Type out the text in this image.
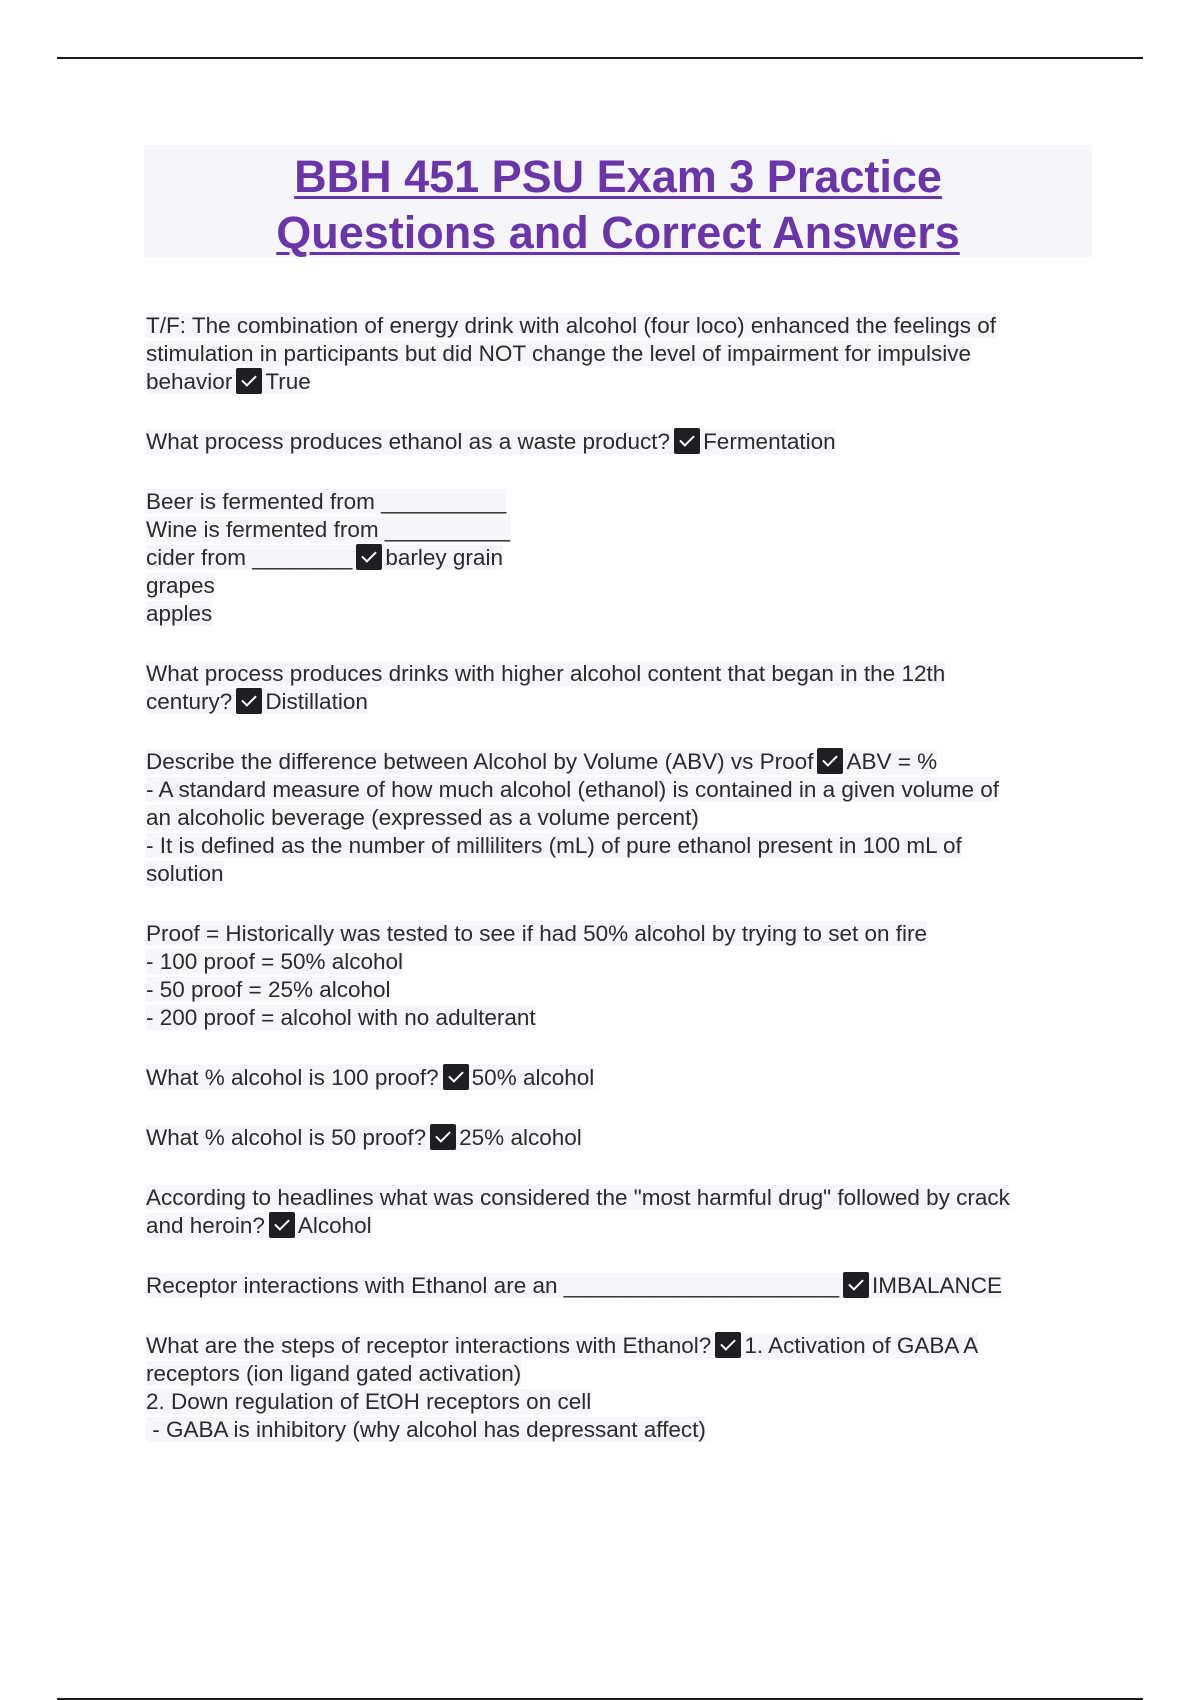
BBH 451 PSU Exam 3 Practice
Questions and Correct Answers
T/F: The combination of energy drink with alcohol (four loco) enhanced the feelings of
stimulation in participants but did NOT change the level of impairment for impulsive
behavior True
What process produces ethanol as a waste product? Fermentation
Beer is fermented from __________
Wine is fermented from __________
cider from ________ barley grain
grapes
apples
What process produces drinks with higher alcohol content that began in the 12th
century? Distillation
Describe the difference between Alcohol by Volume (ABV) vs Proof ABV = %
- A standard measure of how much alcohol (ethanol) is contained in a given volume of
an alcoholic beverage (expressed as a volume percent)
- It is defined as the number of milliliters (mL) of pure ethanol present in 100 mL of
solution
Proof = Historically was tested to see if had 50% alcohol by trying to set on fire
- 100 proof = 50% alcohol
- 50 proof = 25% alcohol
- 200 proof = alcohol with no adulterant
What % alcohol is 100 proof? 50% alcohol
What % alcohol is 50 proof? 25% alcohol
According to headlines what was considered the "most harmful drug" followed by crack
and heroin? Alcohol
Receptor interactions with Ethanol are an ______________________ IMBALANCE
What are the steps of receptor interactions with Ethanol? 1. Activation of GABA A
receptors (ion ligand gated activation)
2. Down regulation of EtOH receptors on cell
- GABA is inhibitory (why alcohol has depressant affect)
